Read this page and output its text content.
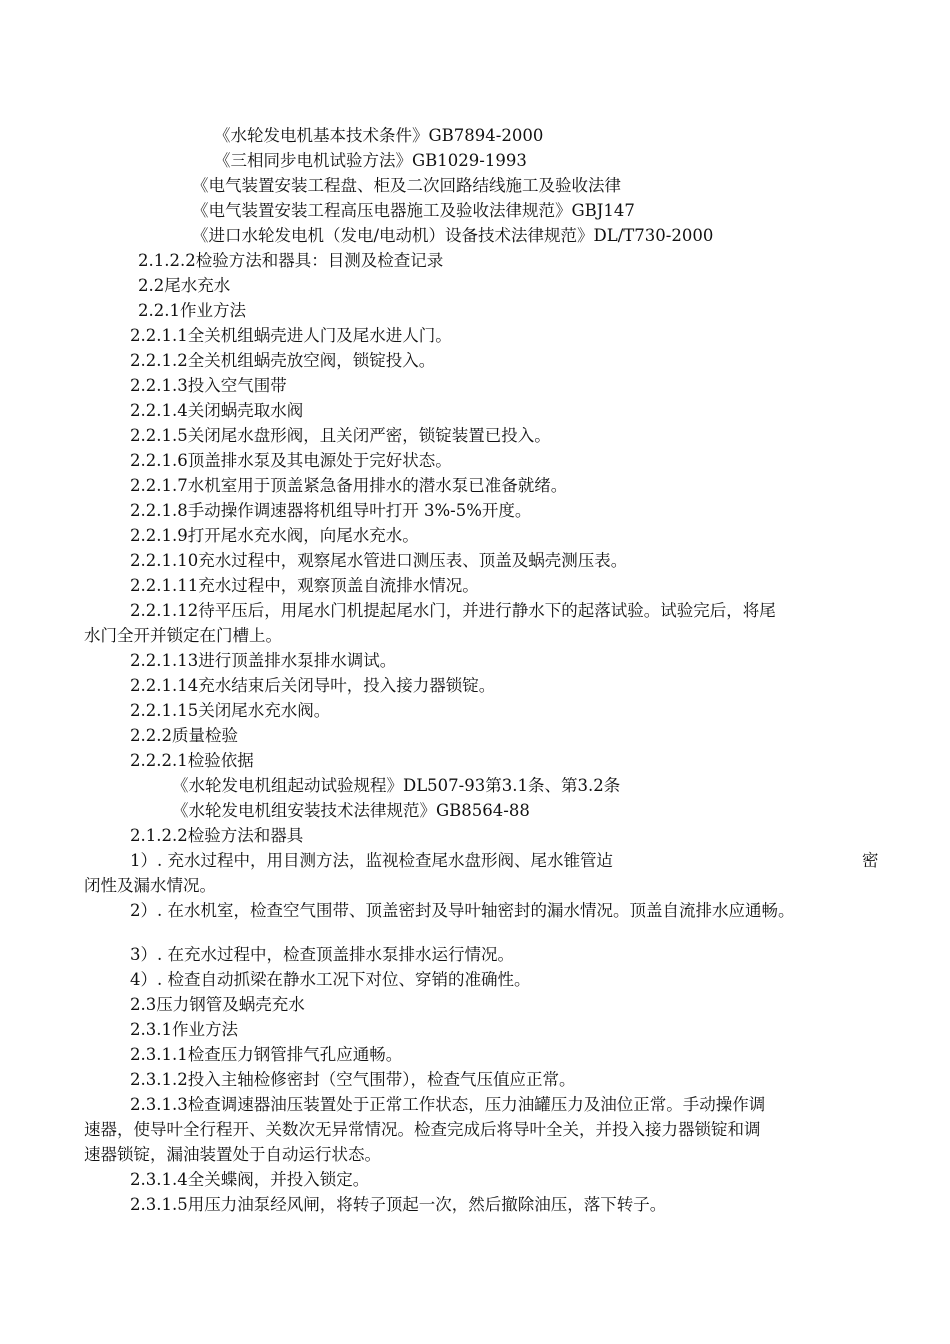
《水轮发电机基本技术条件》GB7894-2000
《三相同步电机试验方法》GB1029-1993
《电气装置安装工程盘、柜及二次回路结线施工及验收法律
《电气装置安装工程高压电器施工及验收法律规范》GBJ147
《进口水轮发电机（发电/电动机）设备技术法律规范》DL/T730-2000
2.1.2.2检验方法和器具：目测及检查记录
2.2尾水充水
2.2.1作业方法
2.2.1.1全关机组蜗壳进人门及尾水进人门。
2.2.1.2全关机组蜗壳放空阀，锁锭投入。
2.2.1.3投入空气围带
2.2.1.4关闭蜗壳取水阀
2.2.1.5关闭尾水盘形阀，且关闭严密，锁锭装置已投入。
2.2.1.6顶盖排水泵及其电源处于完好状态。
2.2.1.7水机室用于顶盖紧急备用排水的潜水泵已准备就绪。
2.2.1.8手动操作调速器将机组导叶打开 3%-5%开度。
2.2.1.9打开尾水充水阀，向尾水充水。
2.2.1.10充水过程中，观察尾水管进口测压表、顶盖及蜗壳测压表。
2.2.1.11充水过程中，观察顶盖自流排水情况。
2.2.1.12待平压后，用尾水门机提起尾水门，并进行静水下的起落试验。试验完后，将尾
水门全开并锁定在门槽上。
2.2.1.13进行顶盖排水泵排水调试。
2.2.1.14充水结束后关闭导叶，投入接力器锁锭。
2.2.1.15关闭尾水充水阀。
2.2.2质量检验
2.2.2.1检验依据
《水轮发电机组起动试验规程》DL507-93第3.1条、第3.2条
《水轮发电机组安装技术法律规范》GB8564-88
2.1.2.2检验方法和器具
1）. 充水过程中，用目测方法，监视检查尾水盘形阀、尾水锥管迠	密
闭性及漏水情况。
2）. 在水机室，检查空气围带、顶盖密封及导叶轴密封的漏水情况。顶盖自流排水应通畅。
3）. 在充水过程中，检查顶盖排水泵排水运行情况。
4）. 检查自动抓梁在静水工况下对位、穿销的准确性。
2.3压力钢管及蜗壳充水
2.3.1作业方法
2.3.1.1检查压力钢管排气孔应通畅。
2.3.1.2投入主轴检修密封（空气围带），检查气压值应正常。
2.3.1.3检查调速器油压装置处于正常工作状态，压力油罐压力及油位正常。手动操作调
速器，使导叶全行程开、关数次无异常情况。检查完成后将导叶全关，并投入接力器锁锭和调
速器锁锭，漏油装置处于自动运行状态。
2.3.1.4全关蝶阀，并投入锁定。
2.3.1.5用压力油泵经风闸，将转子顶起一次，然后撤除油压，落下转子。
